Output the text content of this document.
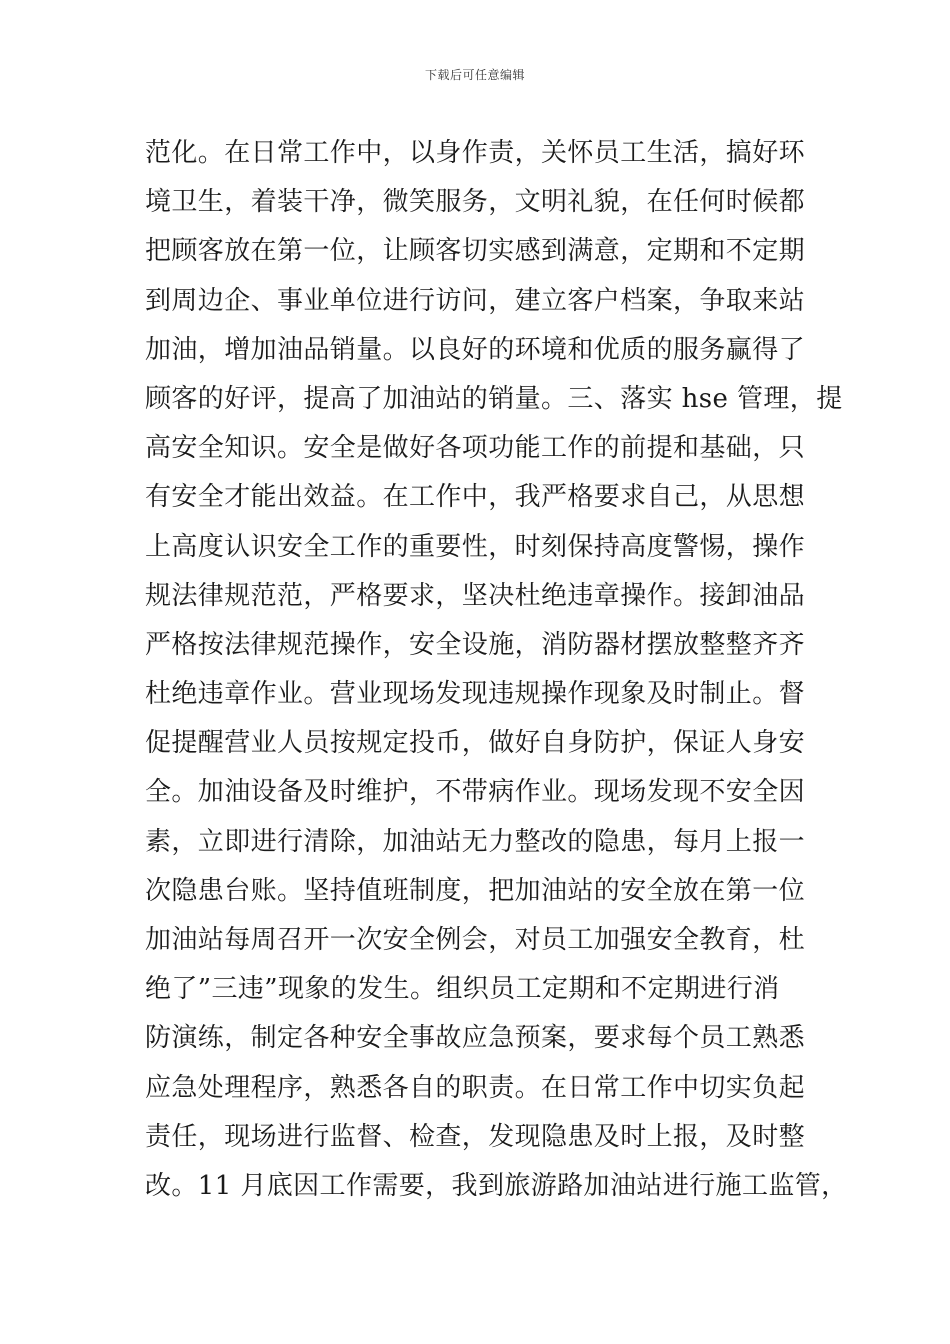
下载后可任意编辑
范化。在日常工作中，以身作责，关怀员工生活，搞好环
境卫生，着装干净，微笑服务，文明礼貌，在任何时候都
把顾客放在第一位，让顾客切实感到满意，定期和不定期
到周边企、事业单位进行访问，建立客户档案，争取来站
加油，增加油品销量。以良好的环境和优质的服务赢得了
顾客的好评，提高了加油站的销量。三、落实 hse 管理，提
高安全知识。安全是做好各项功能工作的前提和基础，只
有安全才能出效益。在工作中，我严格要求自己，从思想
上高度认识安全工作的重要性，时刻保持高度警惕，操作
规法律规范范，严格要求，坚决杜绝违章操作。接卸油品
严格按法律规范操作，安全设施，消防器材摆放整整齐齐
杜绝违章作业。营业现场发现违规操作现象及时制止。督
促提醒营业人员按规定投币，做好自身防护，保证人身安
全。加油设备及时维护，不带病作业。现场发现不安全因
素，立即进行清除，加油站无力整改的隐患，每月上报一
次隐患台账。坚持值班制度，把加油站的安全放在第一位
加油站每周召开一次安全例会，对员工加强安全教育，杜
绝了”三违”现象的发生。组织员工定期和不定期进行消
防演练，制定各种安全事故应急预案，要求每个员工熟悉
应急处理程序，熟悉各自的职责。在日常工作中切实负起
责任，现场进行监督、检查，发现隐患及时上报，及时整
改。11 月底因工作需要，我到旅游路加油站进行施工监管，
